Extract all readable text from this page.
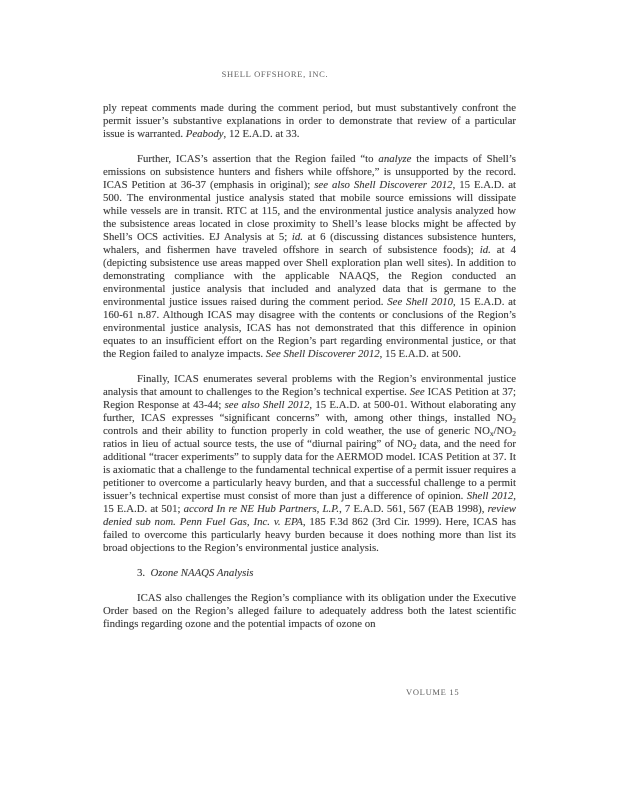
SHELL OFFSHORE, INC.

ply repeat comments made during the comment period, but must substantively confront the permit issuer’s substantive explanations in order to demonstrate that review of a particular issue is warranted. Peabody, 12 E.A.D. at 33.

Further, ICAS’s assertion that the Region failed “to analyze the impacts of Shell’s emissions on subsistence hunters and fishers while offshore,” is unsupported by the record. ICAS Petition at 36-37 (emphasis in original); see also Shell Discoverer 2012, 15 E.A.D. at 500. The environmental justice analysis stated that mobile source emissions will dissipate while vessels are in transit. RTC at 115, and the environmental justice analysis analyzed how the subsistence areas located in close proximity to Shell’s lease blocks might be affected by Shell’s OCS activities. EJ Analysis at 5; id. at 6 (discussing distances subsistence hunters, whalers, and fishermen have traveled offshore in search of subsistence foods); id. at 4 (depicting subsistence use areas mapped over Shell exploration plan well sites). In addition to demonstrating compliance with the applicable NAAQS, the Region conducted an environmental justice analysis that included and analyzed data that is germane to the environmental justice issues raised during the comment period. See Shell 2010, 15 E.A.D. at 160-61 n.87. Although ICAS may disagree with the contents or conclusions of the Region’s environmental justice analysis, ICAS has not demonstrated that this difference in opinion equates to an insufficient effort on the Region’s part regarding environmental justice, or that the Region failed to analyze impacts. See Shell Discoverer 2012, 15 E.A.D. at 500.

Finally, ICAS enumerates several problems with the Region’s environmental justice analysis that amount to challenges to the Region’s technical expertise. See ICAS Petition at 37; Region Response at 43-44; see also Shell 2012, 15 E.A.D. at 500-01. Without elaborating any further, ICAS expresses “significant concerns” with, among other things, installed $NO_2$ controls and their ability to function properly in cold weather, the use of generic $NO_x/NO_2$ ratios in lieu of actual source tests, the use of “diurnal pairing” of $NO_2$ data, and the need for additional “tracer experiments” to supply data for the AERMOD model. ICAS Petition at 37. It is axiomatic that a challenge to the fundamental technical expertise of a permit issuer requires a petitioner to overcome a particularly heavy burden, and that a successful challenge to a permit issuer’s technical expertise must consist of more than just a difference of opinion. Shell 2012, 15 E.A.D. at 501; accord In re NE Hub Partners, L.P., 7 E.A.D. 561, 567 (EAB 1998), review denied sub nom. Penn Fuel Gas, Inc. v. EPA, 185 F.3d 862 (3rd Cir. 1999). Here, ICAS has failed to overcome this particularly heavy burden because it does nothing more than list its broad objections to the Region’s environmental justice analysis.

3.  Ozone NAAQS Analysis

ICAS also challenges the Region’s compliance with its obligation under the Executive Order based on the Region’s alleged failure to adequately address both the latest scientific findings regarding ozone and the potential impacts of ozone on

VOLUME 15
